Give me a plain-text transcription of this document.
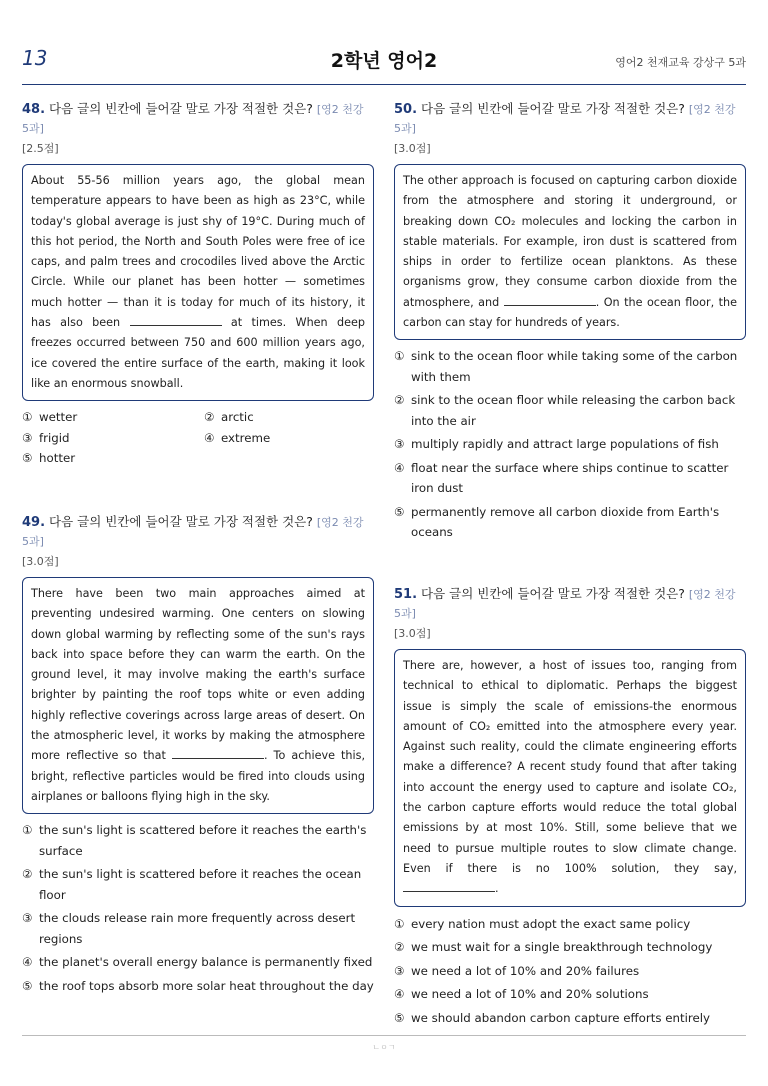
13	2학년 영어2	영어2 천재교육 강상구 5과
48. 다음 글의 빈칸에 들어갈 말로 가장 적절한 것은? [영2 천강 5과]
[2.5점]
About 55-56 million years ago, the global mean temperature appears to have been as high as 23°C, while today's global average is just shy of 19°C. During much of this hot period, the North and South Poles were free of ice caps, and palm trees and crocodiles lived above the Arctic Circle. While our planet has been hotter — sometimes much hotter — than it is today for much of its history, it has also been	at times. When deep freezes occurred between 750 and 600 million years ago, ice covered the entire surface of the earth, making it look like an enormous snowball.
① wetter	② arctic
③ frigid	④ extreme
⑤ hotter
49. 다음 글의 빈칸에 들어갈 말로 가장 적절한 것은? [영2 천강 5과]
[3.0점]
There have been two main approaches aimed at preventing undesired warming. One centers on slowing down global warming by reflecting some of the sun's rays back into space before they can warm the earth. On the ground level, it may involve making the earth's surface brighter by painting the roof tops white or even adding highly reflective coverings across large areas of desert. On the atmospheric level, it works by making the atmosphere more reflective so that	. To achieve this, bright, reflective particles would be fired into clouds using airplanes or balloons flying high in the sky.
① the sun's light is scattered before it reaches the earth's surface
② the sun's light is scattered before it reaches the ocean floor
③ the clouds release rain more frequently across desert regions
④ the planet's overall energy balance is permanently fixed
⑤ the roof tops absorb more solar heat throughout the day
50. 다음 글의 빈칸에 들어갈 말로 가장 적절한 것은? [영2 천강 5과]
[3.0점]
The other approach is focused on capturing carbon dioxide from the atmosphere and storing it underground, or breaking down CO₂ molecules and locking the carbon in stable materials. For example, iron dust is scattered from ships in order to fertilize ocean planktons. As these organisms grow, they consume carbon dioxide from the atmosphere, and	. On the ocean floor, the carbon can stay for hundreds of years.
① sink to the ocean floor while taking some of the carbon with them
② sink to the ocean floor while releasing the carbon back into the air
③ multiply rapidly and attract large populations of fish
④ float near the surface where ships continue to scatter iron dust
⑤ permanently remove all carbon dioxide from Earth's oceans
51. 다음 글의 빈칸에 들어갈 말로 가장 적절한 것은? [영2 천강 5과]
[3.0점]
There are, however, a host of issues too, ranging from technical to ethical to diplomatic. Perhaps the biggest issue is simply the scale of emissions-the enormous amount of CO₂ emitted into the atmosphere every year. Against such reality, could the climate engineering efforts make a difference? A recent study found that after taking into account the energy used to capture and isolate CO₂, the carbon capture efforts would reduce the total global emissions by at most 10%. Still, some believe that we need to pursue multiple routes to slow climate change. Even if there is no 100% solution, they say, .
① every nation must adopt the exact same policy
② we must wait for a single breakthrough technology
③ we need a lot of 10% and 20% failures
④ we need a lot of 10% and 20% solutions
⑤ we should abandon carbon capture efforts entirely
ㄴㅇㄱ
